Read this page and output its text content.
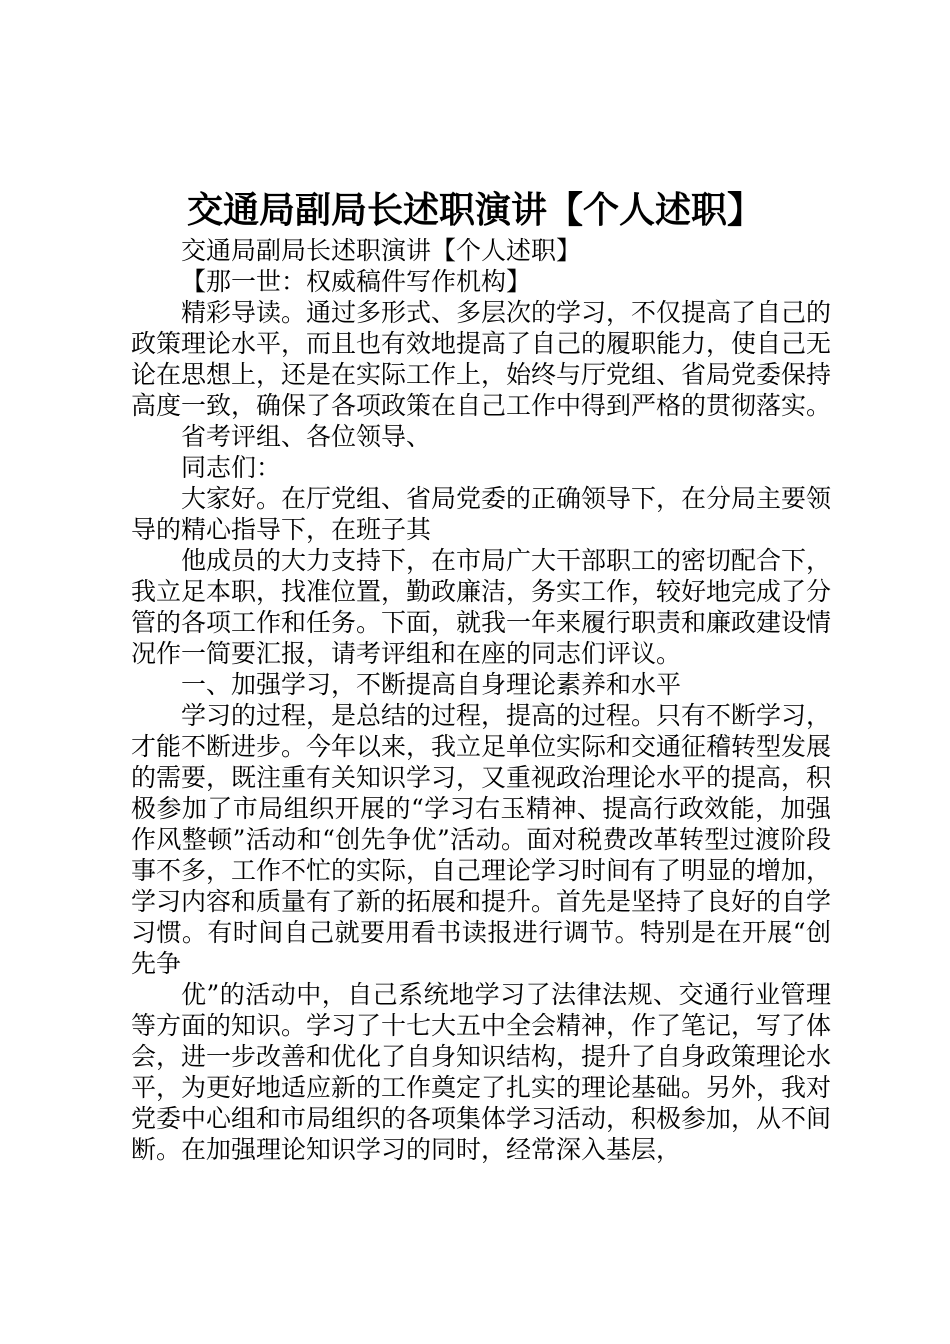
交通局副局长述职演讲【个人述职】

交通局副局长述职演讲【个人述职】

【那一世：权威稿件写作机构】

精彩导读。通过多形式、多层次的学习，不仅提高了自己的政策理论水平，而且也有效地提高了自己的履职能力，使自己无论在思想上，还是在实际工作上，始终与厅党组、省局党委保持高度一致，确保了各项政策在自己工作中得到严格的贯彻落实。

省考评组、各位领导、

同志们：

大家好。在厅党组、省局党委的正确领导下，在分局主要领导的精心指导下，在班子其

他成员的大力支持下，在市局广大干部职工的密切配合下，我立足本职，找准位置，勤政廉洁，务实工作，较好地完成了分管的各项工作和任务。下面，就我一年来履行职责和廉政建设情况作一简要汇报，请考评组和在座的同志们评议。

一、加强学习，不断提高自身理论素养和水平

学习的过程，是总结的过程，提高的过程。只有不断学习，才能不断进步。今年以来，我立足单位实际和交通征稽转型发展的需要，既注重有关知识学习，又重视政治理论水平的提高，积极参加了市局组织开展的“学习右玉精神、提高行政效能，加强作风整顿”活动和“创先争优”活动。面对税费改革转型过渡阶段事不多，工作不忙的实际，自己理论学习时间有了明显的增加，学习内容和质量有了新的拓展和提升。首先是坚持了良好的自学习惯。有时间自己就要用看书读报进行调节。特别是在开展“创先争

优”的活动中，自己系统地学习了法律法规、交通行业管理等方面的知识。学习了十七大五中全会精神，作了笔记，写了体会，进一步改善和优化了自身知识结构，提升了自身政策理论水平，为更好地适应新的工作奠定了扎实的理论基础。另外，我对党委中心组和市局组织的各项集体学习活动，积极参加，从不间断。在加强理论知识学习的同时，经常深入基层，
